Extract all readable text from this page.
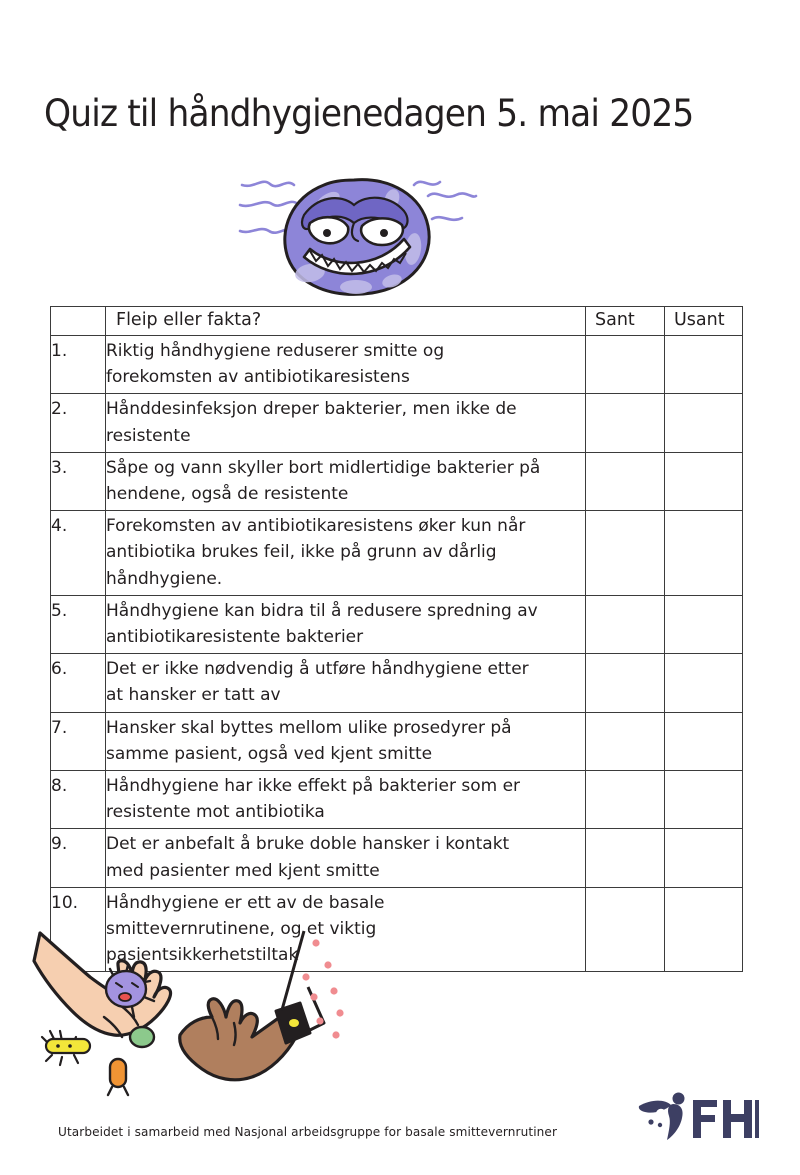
Quiz til håndhygienedagen 5. mai 2025
	Fleip eller fakta?	Sant	Usant
1.	Riktig håndhygiene reduserer smitte og
forekomsten av antibiotikaresistens		

2.	Hånddesinfeksjon dreper bakterier, men ikke de
resistente		

3.	Såpe og vann skyller bort midlertidige bakterier på
hendene, også de resistente		

4.	Forekomsten av antibiotikaresistens øker kun når
antibiotika brukes feil, ikke på grunn av dårlig
håndhygiene.		

5.	Håndhygiene kan bidra til å redusere spredning av
antibiotikaresistente bakterier		

6.	Det er ikke nødvendig å utføre håndhygiene etter
at hansker er tatt av		

7.	Hansker skal byttes mellom ulike prosedyrer på
samme pasient, også ved kjent smitte		

8.	Håndhygiene har ikke effekt på bakterier som er
resistente mot antibiotika		

9.	Det er anbefalt å bruke doble hansker i kontakt
med pasienter med kjent smitte		

10.	Håndhygiene er ett av de basale
smittevernrutinene, og et viktig
pasientsikkerhetstiltak		

Utarbeidet i samarbeid med Nasjonal arbeidsgruppe for basale smittevernrutiner
